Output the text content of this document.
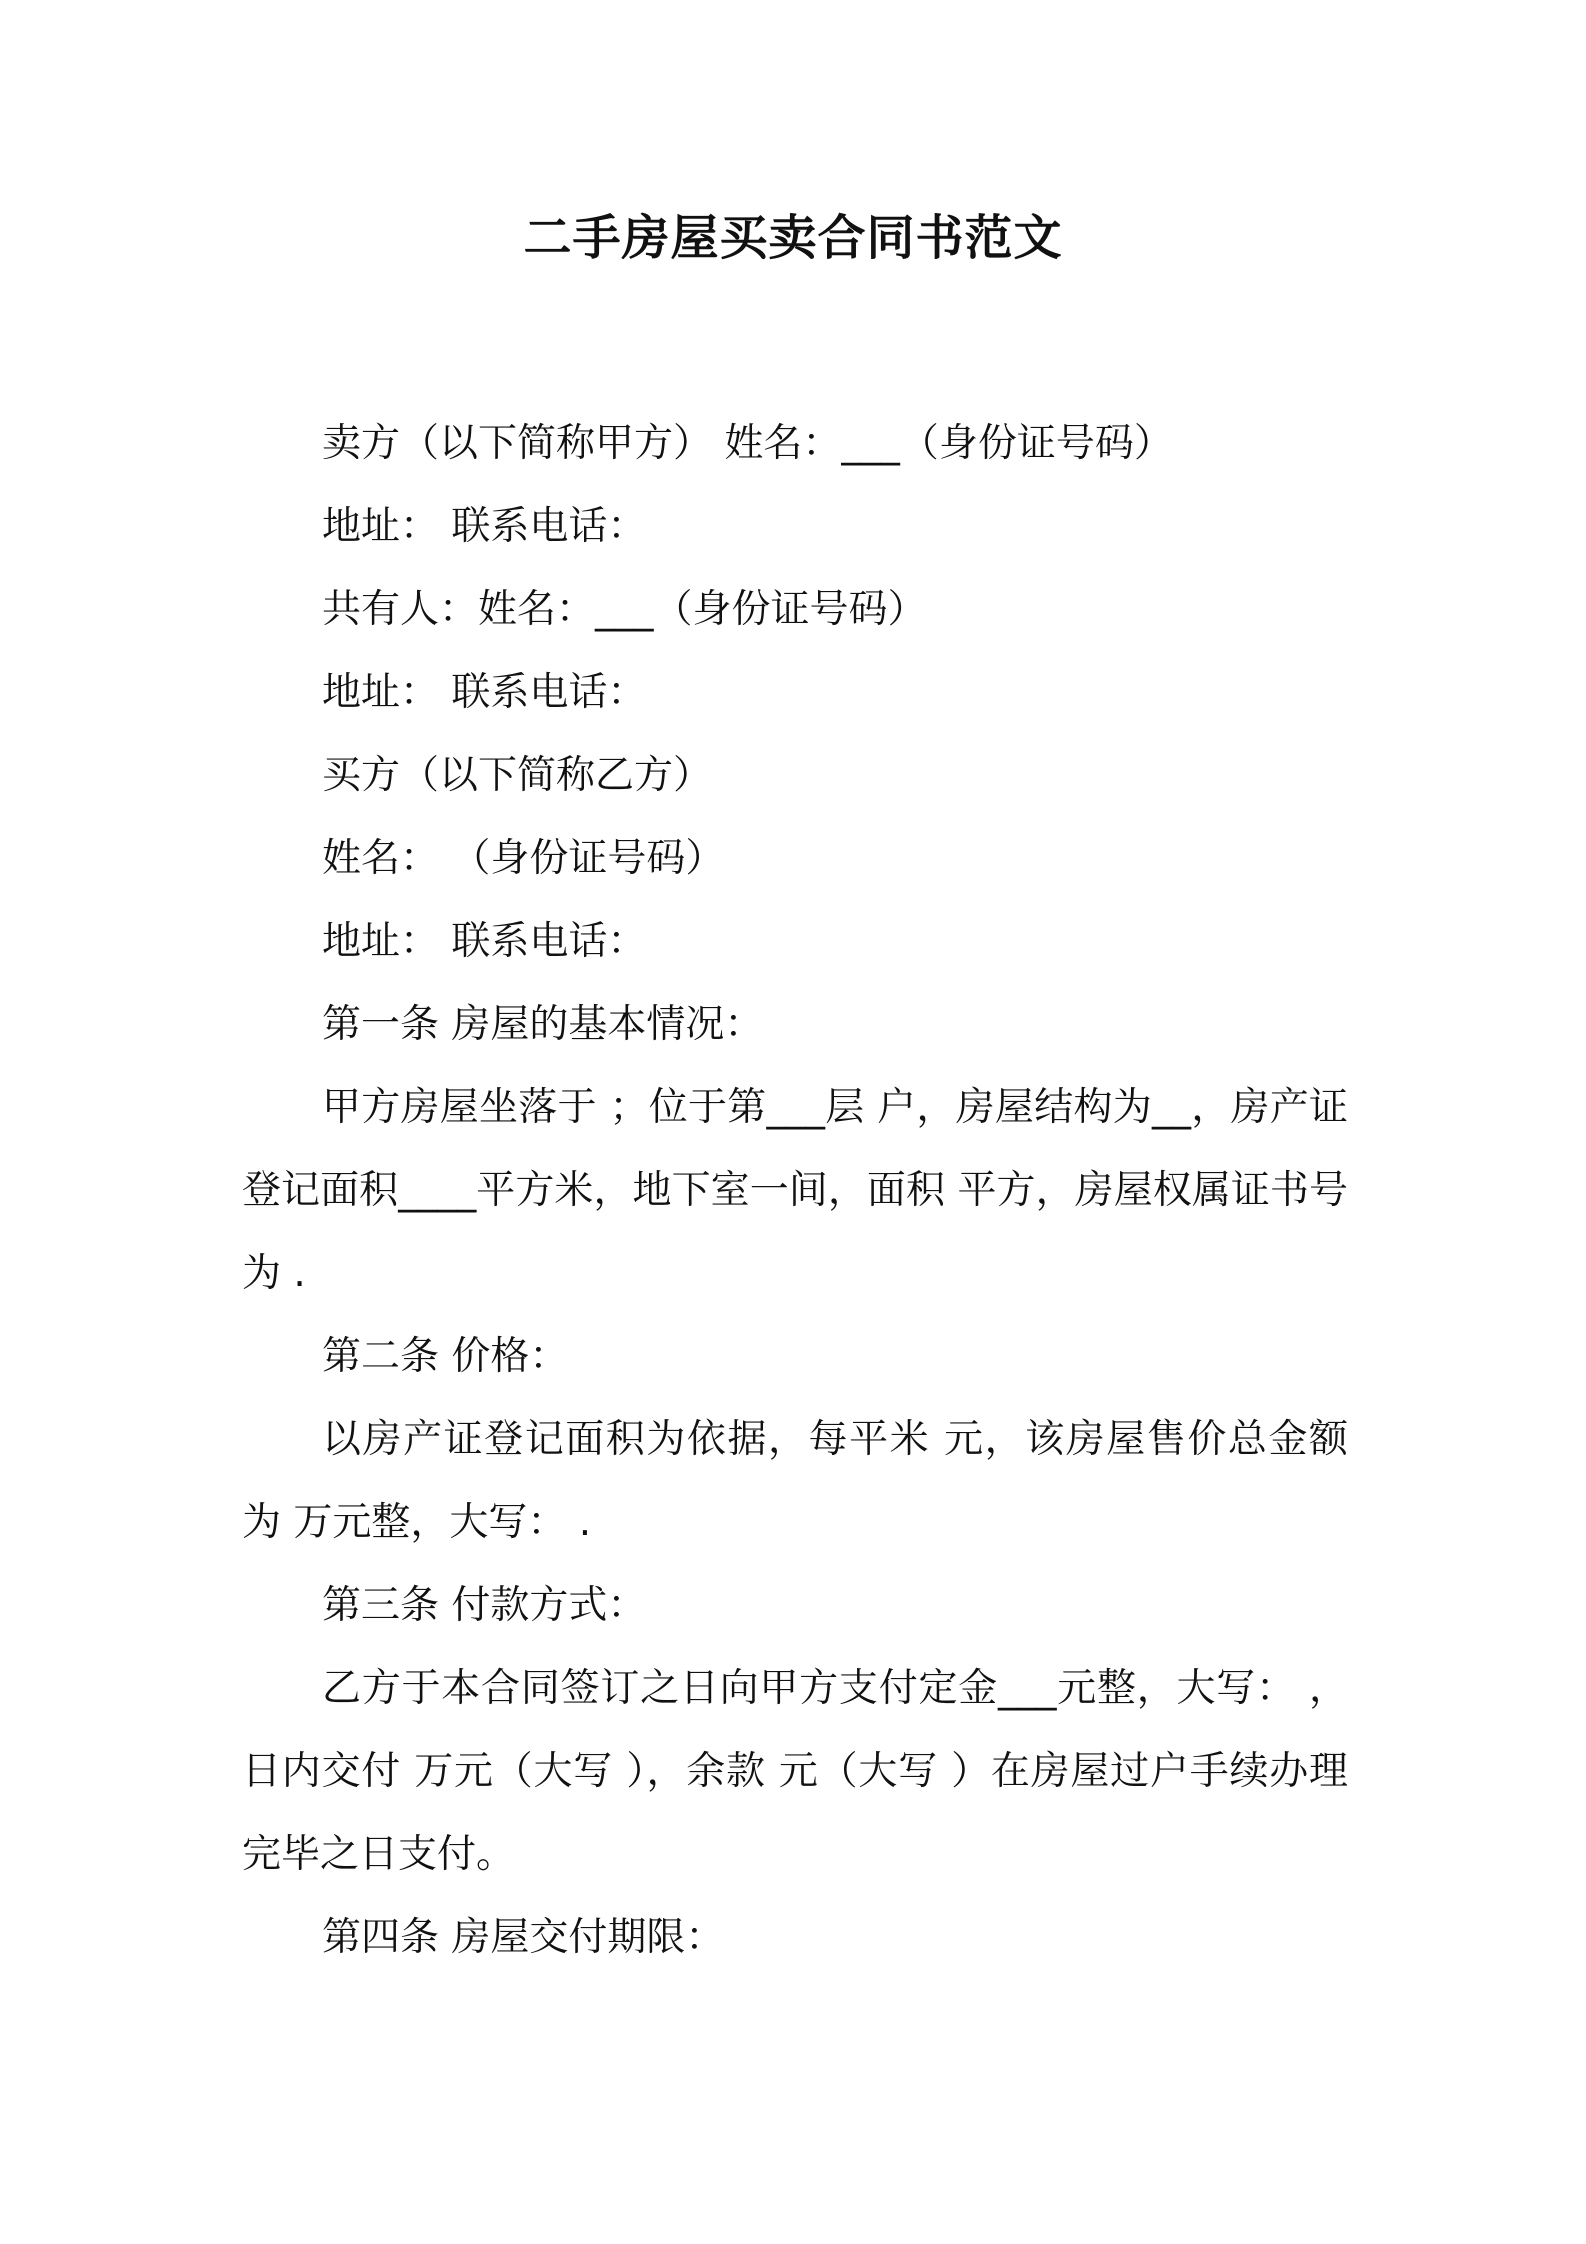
二手房屋买卖合同书范文

卖方（以下简称甲方） 姓名：___（身份证号码）

地址： 联系电话：

共有人：姓名：___（身份证号码）

地址： 联系电话：

买方（以下简称乙方）

姓名： （身份证号码）

地址： 联系电话：

第一条 房屋的基本情况：

甲方房屋坐落于 ；位于第___层 户，房屋结构为__，房产证登记面积____平方米，地下室一间，面积 平方，房屋权属证书号为 .

第二条 价格：

以房产证登记面积为依据，每平米 元，该房屋售价总金额为 万元整，大写： .

第三条 付款方式：

乙方于本合同签订之日向甲方支付定金___元整，大写： ，日内交付 万元（大写 ），余款 元（大写 ）在房屋过户手续办理完毕之日支付。

第四条 房屋交付期限：
